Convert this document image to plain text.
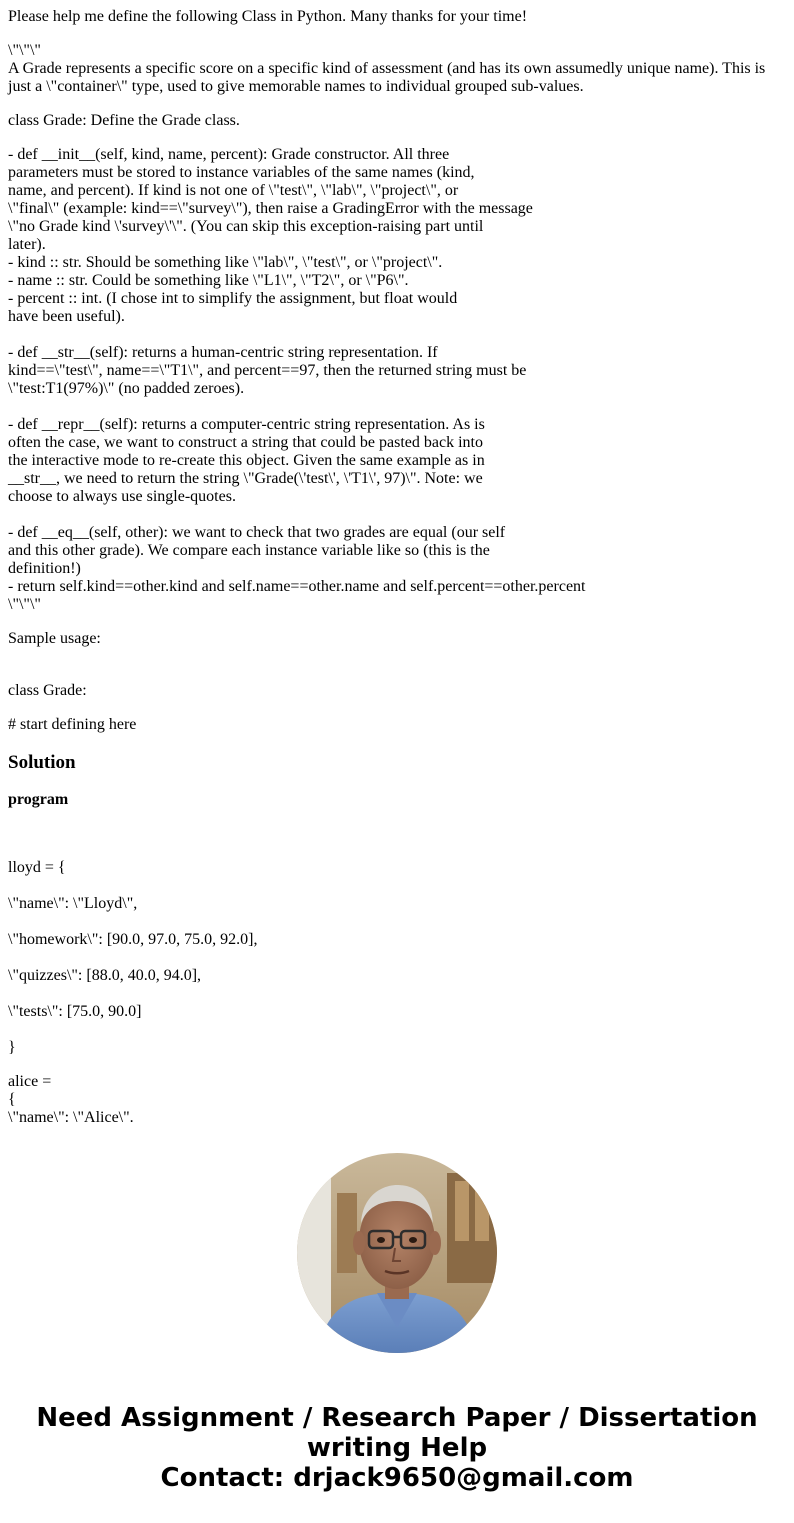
Please help me define the following Class in Python. Many thanks for your time!

\"\"\"
A Grade represents a specific score on a specific kind of assessment (and has its own assumedly unique name). This is just a \"container\" type, used to give memorable names to individual grouped sub-values.

class Grade: Define the Grade class.

- def __init__(self, kind, name, percent): Grade constructor. All three
parameters must be stored to instance variables of the same names (kind,
name, and percent). If kind is not one of \"test\", \"lab\", \"project\", or
\"final\" (example: kind==\"survey\"), then raise a GradingError with the message
\"no Grade kind \'survey\'\". (You can skip this exception-raising part until
later).
- kind :: str. Should be something like \"lab\", \"test\", or \"project\".
- name :: str. Could be something like \"L1\", \"T2\", or \"P6\".
- percent :: int. (I chose int to simplify the assignment, but float would
have been useful).

- def __str__(self): returns a human-centric string representation. If
kind==\"test\", name==\"T1\", and percent==97, then the returned string must be
\"test:T1(97%)\" (no padded zeroes).

- def __repr__(self): returns a computer-centric string representation. As is
often the case, we want to construct a string that could be pasted back into
the interactive mode to re-create this object. Given the same example as in
__str__, we need to return the string \"Grade(\'test\', \'T1\', 97)\". Note: we
choose to always use single-quotes.

- def __eq__(self, other): we want to check that two grades are equal (our self
and this other grade). We compare each instance variable like so (this is the
definition!)
- return self.kind==other.kind and self.name==other.name and self.percent==other.percent
\"\"\"

Sample usage:

class Grade:

# start defining here

Solution
program

lloyd = {

\"name\": \"Lloyd\",

\"homework\": [90.0, 97.0, 75.0, 92.0],

\"quizzes\": [88.0, 40.0, 94.0],

\"tests\": [75.0, 90.0]

}

alice =
{
\"name\": \"Alice\".

Need Assignment / Research Paper / Dissertation
writing Help
Contact: drjack9650@gmail.com
